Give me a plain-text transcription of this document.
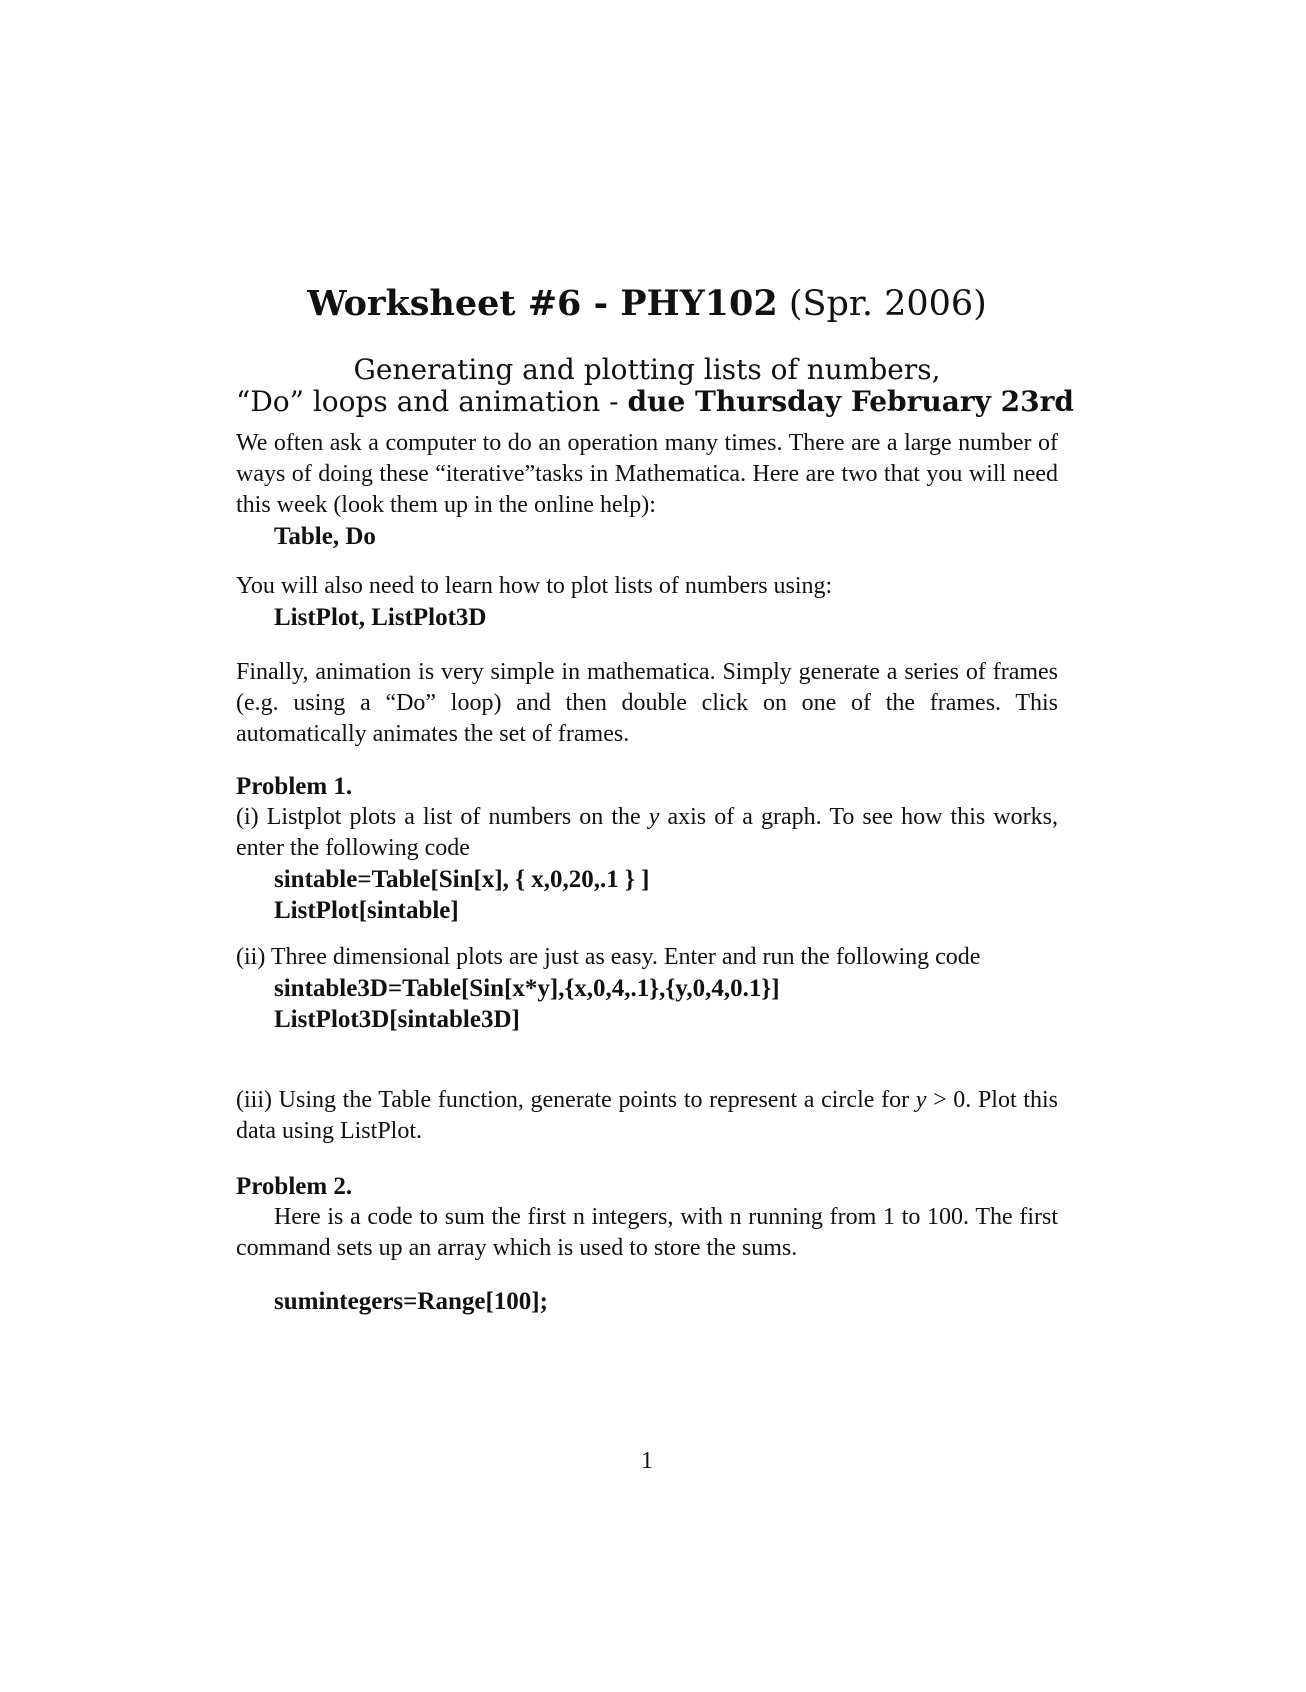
Worksheet #6 - PHY102 (Spr. 2006)
Generating and plotting lists of numbers,
“Do” loops and animation - due Thursday February 23rd

We often ask a computer to do an operation many times. There are a large number of ways of doing these “iterative”tasks in Mathematica. Here are two that you will need this week (look them up in the online help):

Table, Do

You will also need to learn how to plot lists of numbers using:

ListPlot, ListPlot3D

Finally, animation is very simple in mathematica. Simply generate a series of frames (e.g. using a “Do” loop) and then double click on one of the frames. This automatically animates the set of frames.

Problem 1.

(i) Listplot plots a list of numbers on the y axis of a graph. To see how this works, enter the following code

sintable=Table[Sin[x], { x,0,20,.1 } ]
ListPlot[sintable]

(ii) Three dimensional plots are just as easy. Enter and run the following code

sintable3D=Table[Sin[x*y],{x,0,4,.1},{y,0,4,0.1}]
ListPlot3D[sintable3D]

(iii) Using the Table function, generate points to represent a circle for y > 0. Plot this data using ListPlot.

Problem 2.

Here is a code to sum the first n integers, with n running from 1 to 100. The first command sets up an array which is used to store the sums.

sumintegers=Range[100];
1
